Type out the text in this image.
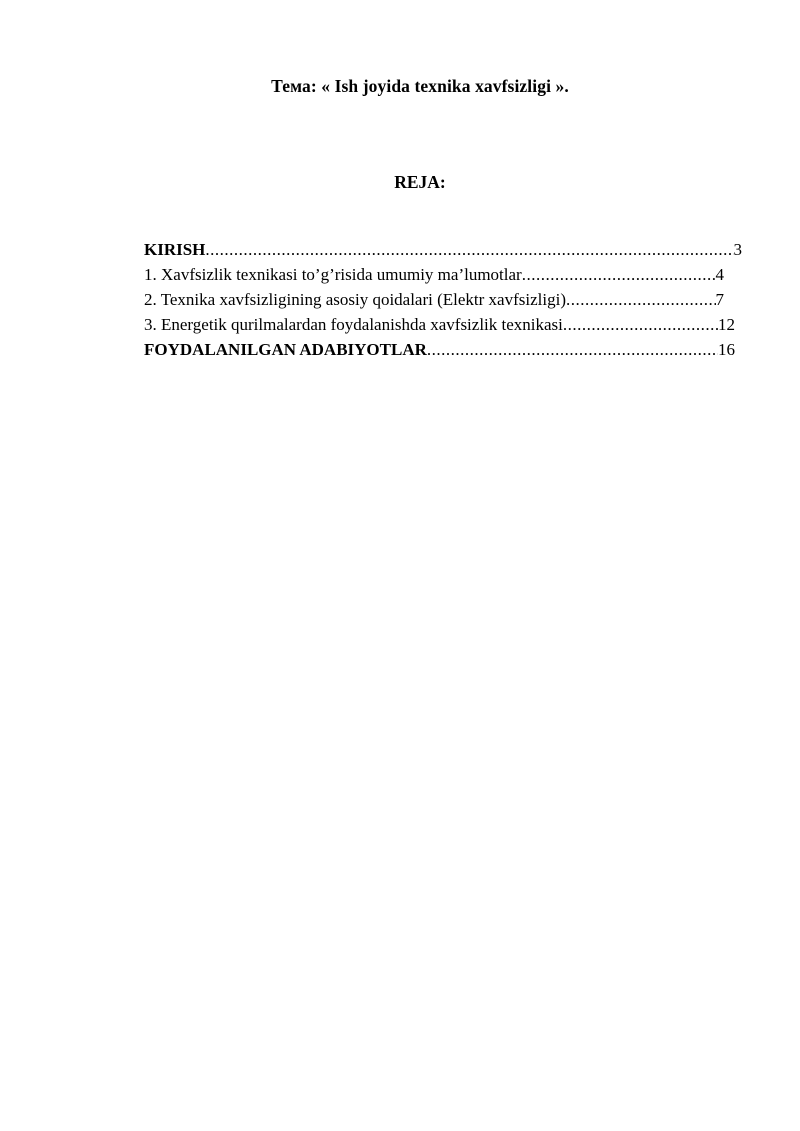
Тема: « Ish joyida texnika xavfsizligi ».
REJA:
KIRISH .....	3
1. Xavfsizlik texnikasi to’g’risida umumiy ma’lumotlar .....	4
2. Texnika xavfsizligining asosiy qoidalari (Elektr xavfsizligi) .....	7
3. Energetik qurilmalardan foydalanishda xavfsizlik texnikasi .....	12
FOYDALANILGAN ADABIYOTLAR .....	16
